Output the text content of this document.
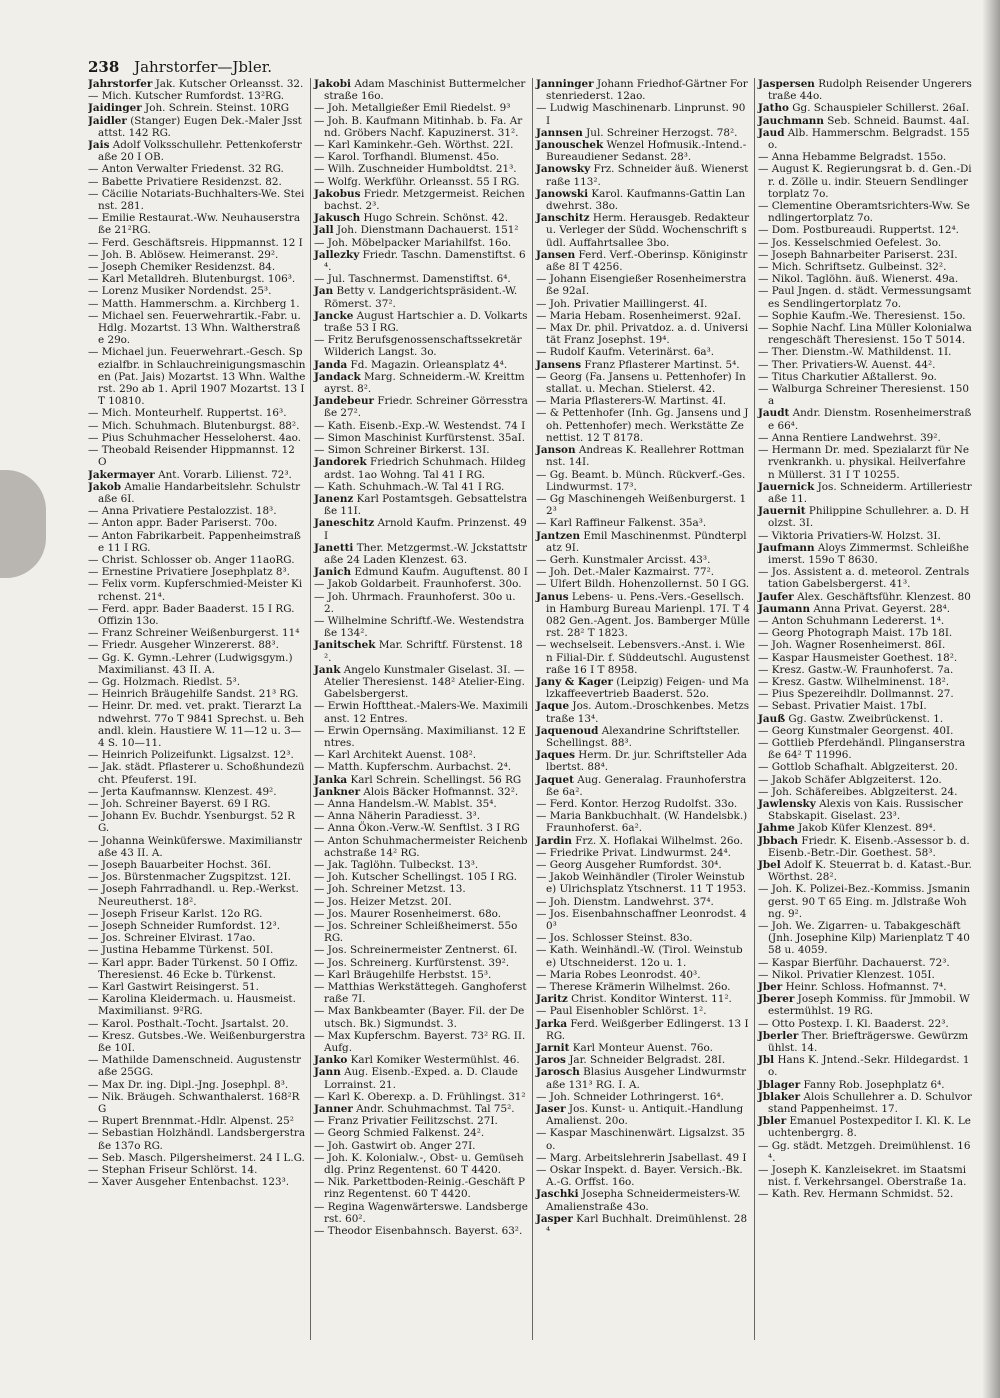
238 Jahrstorfer—Jbler.

Jahrstorfer Jak. Kutscher Orleansst. 32.

— Mich. Kutscher Rumfordst. 13²RG.

Jaidinger Joh. Schrein. Steinst. 10RG

Jaidler (Stanger) Eugen Dek.-Maler Jsstattst. 142 RG.

Jais Adolf Volksschullehr. Pettenkoferstraße 20 I OB.

— Anton Verwalter Friedenst. 32 RG.

— Babette Privatiere Residenzst. 82.

— Cäcilie Notariats-Buchhalters-We. Steinst. 281.

— Emilie Restaurat.-Ww. Neuhauserstraße 21²RG.

— Ferd. Geschäftsreis. Hippmannst. 12 I

— Joh. B. Ablösew. Heimeranst. 29².

— Joseph Chemiker Residenzst. 84.

— Karl Metalldreh. Blutenburgst. 106³.

— Lorenz Musiker Nordendst. 25³.

— Matth. Hammerschm. a. Kirchberg 1.

— Michael sen. Feuerwehrartik.-Fabr. u. Hdlg. Mozartst. 13 Whn. Waltherstraße 29o.

— Michael jun. Feuerwehrart.-Gesch. Spezialfbr. in Schlauchreinigungsmaschinen (Pat. Jais) Mozartst. 13 Whn. Waltherst. 29o ab 1. April 1907 Mozartst. 13 I T 10810.

— Mich. Monteurhelf. Ruppertst. 16³.

— Mich. Schuhmach. Blutenburgst. 88².

— Pius Schuhmacher Hesseloherst. 4ao.

— Theobald Reisender Hippmannst. 12 O

Jakermayer Ant. Vorarb. Lilienst. 72³.

Jakob Amalie Handarbeitslehr. Schulstraße 6I.

— Anna Privatiere Pestalozzist. 18³.

— Anton appr. Bader Pariserst. 70o.

— Anton Fabrikarbeit. Pappenheimstraße 11 I RG.

— Christ. Schlosser ob. Anger 11aoRG.

— Ernestine Privatiere Josephplatz 8³.

— Felix vorm. Kupferschmied-Meister Kirchenst. 21⁴.

— Ferd. appr. Bader Baaderst. 15 I RG. Offizin 13o.

— Franz Schreiner Weißenburgerst. 11⁴

— Friedr. Ausgeher Winzererst. 88³.

— Gg. K. Gymn.-Lehrer (Ludwigsgym.) Maximilianst. 43 II. A.

— Gg. Holzmach. Riedlst. 5³.

— Heinrich Bräugehilfe Sandst. 21³ RG.

— Heinr. Dr. med. vet. prakt. Tierarzt Landwehrst. 77o T 9841 Sprechst. u. Behandl. klein. Haustiere W. 11—12 u. 3—4 S. 10—11.

— Heinrich Polizeifunkt. Ligsalzst. 12³.

— Jak. städt. Pflasterer u. Schoßhundezücht. Pfeuferst. 19I.

— Jerta Kaufmannsw. Klenzest. 49².

— Joh. Schreiner Bayerst. 69 I RG.

— Johann Ev. Buchdr. Ysenburgst. 52 RG.

— Johanna Weinküferswe. Maximilianstraße 43 II. A.

— Joseph Bauarbeiter Hochst. 36I.

— Jos. Bürstenmacher Zugspitzst. 12I.

— Joseph Fahrradhandl. u. Rep.-Werkst. Neureutherst. 18².

— Joseph Friseur Karlst. 12o RG.

— Joseph Schneider Rumfordst. 12³.

— Jos. Schreiner Elvirast. 17ao.

— Justina Hebamme Türkenst. 50I.

— Karl appr. Bader Türkenst. 50 I Offiz. Theresienst. 46 Ecke b. Türkenst.

— Karl Gastwirt Reisingerst. 51.

— Karolina Kleidermach. u. Hausmeist. Maximilianst. 9²RG.

— Karol. Posthalt.-Tocht. Jsartalst. 20.

— Kresz. Gutsbes.-We. Weißenburgerstraße 10I.

— Mathilde Damenschneid. Augustenstraße 25GG.

— Max Dr. ing. Dipl.-Jng. Josephpl. 8³.

— Nik. Bräugeh. Schwanthalerst. 168²RG

— Rupert Brennmat.-Hdlr. Alpenst. 25²

— Sebastian Holzhändl. Landsbergerstraße 137o RG.

— Seb. Masch. Pilgersheimerst. 24 I L.G.

— Stephan Friseur Schlörst. 14.

— Xaver Ausgeher Entenbachst. 123³.

Jakobi Adam Maschinist Buttermelcherstraße 16o.

— Joh. Metallgießer Emil Riedelst. 9³

— Joh. B. Kaufmann Mitinhab. b. Fa. Arnd. Gröbers Nachf. Kapuzinerst. 31².

— Karl Kaminkehr.-Geh. Wörthst. 22I.

— Karol. Torfhandl. Blumenst. 45o.

— Wilh. Zuschneider Humboldtst. 21³.

— Wolfg. Werkführ. Orleansst. 55 I RG.

Jakobus Friedr. Metzgermeist. Reichenbachst. 2³.

Jakusch Hugo Schrein. Schönst. 42.

Jall Joh. Dienstmann Dachauerst. 151²

— Joh. Möbelpacker Mariahilfst. 16o.

Jallezky Friedr. Taschn. Damenstiftst. 6⁴.

— Jul. Taschnermst. Damenstiftst. 6⁴.

Jan Betty v. Landgerichtspräsident.-W. Römerst. 37².

Jancke August Hartschier a. D. Volkartstraße 53 I RG.

— Fritz Berufsgenossenschaftssekretär Wilderich Langst. 3o.

Janda Fd. Magazin. Orleansplatz 4⁴.

Jandack Marg. Schneiderm.-W. Kreittmayrst. 8².

Jandebeur Friedr. Schreiner Görresstraße 27².

— Kath. Eisenb.-Exp.-W. Westendst. 74 I

— Simon Maschinist Kurfürstenst. 35aI.

— Simon Schreiner Birkerst. 13I.

Jandorek Friedrich Schuhmach. Hildegardst. 1ao Wohng. Tal 41 I RG.

— Kath. Schuhmach.-W. Tal 41 I RG.

Janenz Karl Postamtsgeh. Gebsattelstraße 11I.

Janeschitz Arnold Kaufm. Prinzenst. 49 I

Janetti Ther. Metzgermst.-W. Jckstattstraße 24 Laden Klenzest. 63.

Janich Edmund Kaufm. Auguftenst. 80 I

— Jakob Goldarbeit. Fraunhoferst. 30o.

— Joh. Uhrmach. Fraunhoferst. 30o u. 2.

— Wilhelmine Schriftf.-We. Westendstraße 134².

Janitschek Mar. Schriftf. Fürstenst. 18².

Jank Angelo Kunstmaler Giselast. 3I. — Atelier Theresienst. 148² Atelier-Eing. Gabelsbergerst.

— Erwin Hofttheat.-Malers-We. Maximilianst. 12 Entres.

— Erwin Opernsäng. Maximilianst. 12 Entres.

— Karl Architekt Auenst. 108².

— Matth. Kupferschm. Aurbachst. 2⁴.

Janka Karl Schrein. Schellingst. 56 RG

Jankner Alois Bäcker Hofmannst. 32².

— Anna Handelsm.-W. Mablst. 35⁴.

— Anna Näherin Paradiesst. 3³.

— Anna Ökon.-Verw.-W. Senftlst. 3 I RG

— Anton Schuhmachermeister Reichenbachstraße 14² RG.

— Jak. Taglöhn. Tulbeckst. 13³.

— Joh. Kutscher Schellingst. 105 I RG.

— Joh. Schreiner Metzst. 13.

— Jos. Heizer Metzst. 20I.

— Jos. Maurer Rosenheimerst. 68o.

— Jos. Schreiner Schleißheimerst. 55o RG.

— Jos. Schreinermeister Zentnerst. 6I.

— Jos. Schreinerg. Kurfürstenst. 39².

— Karl Bräugehilfe Herbstst. 15³.

— Matthias Werkstättegeh. Ganghoferstraße 7I.

— Max Bankbeamter (Bayer. Fil. der Deutsch. Bk.) Sigmundst. 3.

— Max Kupferschm. Bayerst. 73² RG. II. Aufg.

Janko Karl Komiker Westermühlst. 46.

Jann Aug. Eisenb.-Exped. a. D. Claude Lorrainst. 21.

— Karl K. Oberexp. a. D. Frühlingst. 31²

Janner Andr. Schuhmachmst. Tal 75².

— Franz Privatier Feilitzschst. 27I.

— Georg Schmied Falkenst. 24².

— Joh. Gastwirt ob. Anger 27I.

— Joh. K. Kolonialw.-, Obst- u. Gemüsehdlg. Prinz Regentenst. 60 T 4420.

— Nik. Parkettboden-Reinig.-Geschäft Prinz Regentenst. 60 T 4420.

— Regina Wagenwärterswe. Landsbergerst. 60².

— Theodor Eisenbahnsch. Bayerst. 63².

Janninger Johann Friedhof-Gärtner Forstenriederst. 12ao.

— Ludwig Maschinenarb. Linprunst. 90 I

Jannsen Jul. Schreiner Herzogst. 78².

Janouschek Wenzel Hofmusik.-Intend.-Bureaudiener Sedanst. 28³.

Janowsky Frz. Schneider äuß. Wienerstraße 113².

Janowski Karol. Kaufmanns-Gattin Landwehrst. 38o.

Janschitz Herm. Herausgeb. Redakteur u. Verleger der Südd. Wochenschrift südl. Auffahrtsallee 3bo.

Jansen Ferd. Verf.-Oberinsp. Königinstraße 8I T 4256.

— Johann Eisengießer Rosenheimerstraße 92aI.

— Joh. Privatier Maillingerst. 4I.

— Maria Hebam. Rosenheimerst. 92aI.

— Max Dr. phil. Privatdoz. a. d. Universität Franz Josephst. 19⁴.

— Rudolf Kaufm. Veterinärst. 6a³.

Jansens Franz Pflasterer Martinst. 5⁴.

— Georg (Fa. Jansens u. Pettenhofer) Installat. u. Mechan. Stielerst. 42.

— Maria Pflasterers-W. Martinst. 4I.

— & Pettenhofer (Inh. Gg. Jansens und Joh. Pettenhofer) mech. Werkstätte Zenettist. 12 T 8178.

Janson Andreas K. Reallehrer Rottmannst. 14I.

— Gg. Beamt. b. Münch. Rückverf.-Ges. Lindwurmst. 17³.

— Gg Maschinengeh Weißenburgerst. 12³

— Karl Raffineur Falkenst. 35a³.

Jantzen Emil Maschinenmst. Pündterplatz 9I.

— Gerh. Kunstmaler Arcisst. 43³.

— Joh. Det.-Maler Kazmairst. 77².

— Ulfert Bildh. Hohenzollernst. 50 I GG.

Janus Lebens- u. Pens.-Vers.-Gesellsch. in Hamburg Bureau Marienpl. 17I. T 4082 Gen.-Agent. Jos. Bamberger Müllerst. 28² T 1823.

— wechselseit. Lebensvers.-Anst. i. Wien Filial-Dir. f. Süddeutschl. Augustenstraße 16 I T 8958.

Jany & Kager (Leipzig) Feigen- und Malzkaffeevertrieb Baaderst. 52o.

Jaque Jos. Autom.-Droschkenbes. Metzstraße 13⁴.

Jaquenoud Alexandrine Schriftsteller. Schellingst. 88³.

Jaques Herm. Dr. jur. Schriftsteller Adalbertst. 88⁴.

Jaquet Aug. Generalag. Fraunhoferstraße 6a².

— Ferd. Kontor. Herzog Rudolfst. 33o.

— Maria Bankbuchhalt. (W. Handelsbk.) Fraunhoferst. 6a².

Jardin Frz. X. Hoflakai Wilhelmst. 26o.

— Friedrike Privat. Lindwurmst. 24⁴.

— Georg Ausgeher Rumfordst. 30⁴.

— Jakob Weinhändler (Tiroler Weinstube) Ulrichsplatz Ytschnerst. 11 T 1953.

— Joh. Dienstm. Landwehrst. 37⁴.

— Jos. Eisenbahnschaffner Leonrodst. 40³

— Jos. Schlosser Steinst. 83o.

— Kath. Weinhändl.-W. (Tirol. Weinstube) Utschneiderst. 12o u. 1.

— Maria Robes Leonrodst. 40³.

— Therese Krämerin Wilhelmst. 26o.

Jaritz Christ. Konditor Winterst. 11².

— Paul Eisenhobler Schlörst. 1².

Jarka Ferd. Weißgerber Edlingerst. 13 I RG.

Jarnit Karl Monteur Auenst. 76o.

Jaros Jar. Schneider Belgradst. 28I.

Jarosch Blasius Ausgeher Lindwurmstraße 131³ RG. I. A.

— Joh. Schneider Lothringerst. 16⁴.

Jaser Jos. Kunst- u. Antiquit.-Handlung Amalienst. 20o.

— Kaspar Maschinenwärt. Ligsalzst. 35o.

— Marg. Arbeitslehrerin Jsabellast. 49 I

— Oskar Inspekt. d. Bayer. Versich.-Bk. A.-G. Orffst. 16o.

Jaschki Josepha Schneidermeisters-W. Amalienstraße 43o.

Jasper Karl Buchhalt. Dreimühlenst. 28⁴

Jaspersen Rudolph Reisender Ungererstraße 44o.

Jatho Gg. Schauspieler Schillerst. 26aI.

Jauchmann Seb. Schneid. Baumst. 4aI.

Jaud Alb. Hammerschm. Belgradst. 155o.

— Anna Hebamme Belgradst. 155o.

— August K. Regierungsrat b. d. Gen.-Dir. d. Zölle u. indir. Steuern Sendlingertorplatz 7o.

— Clementine Oberamtsrichters-Ww. Sendlingertorplatz 7o.

— Dom. Postbureaudi. Ruppertst. 12⁴.

— Jos. Kesselschmied Oefelest. 3o.

— Joseph Bahnarbeiter Pariserst. 23I.

— Mich. Schriftsetz. Gulbeinst. 32².

— Nikol. Taglöhn. äuß. Wienerst. 49a.

— Paul Jngen. d. städt. Vermessungsamtes Sendlingertorplatz 7o.

— Sophie Kaufm.-We. Theresienst. 15o.

— Sophie Nachf. Lina Müller Kolonialwarengeschäft Theresienst. 15o T 5014.

— Ther. Dienstm.-W. Mathildenst. 1I.

— Ther. Privatiers-W. Auenst. 44².

— Titus Charkutier Aßtallerst. 9o.

— Walburga Schreiner Theresienst. 150a

Jaudt Andr. Dienstm. Rosenheimerstraße 66⁴.

— Anna Rentiere Landwehrst. 39².

— Hermann Dr. med. Spezialarzt für Nervenkrankh. u. physikal. Heilverfahren Müllerst. 31 I T 10255.

Jauernick Jos. Schneiderm. Artilleriestraße 11.

Jauernit Philippine Schullehrer. a. D. Holzst. 3I.

— Viktoria Privatiers-W. Holzst. 3I.

Jaufmann Aloys Zimmermst. Schleißheimerst. 159o T 8630.

— Jos. Assistent a. d. meteorol. Zentralstation Gabelsbergerst. 41³.

Jaufer Alex. Geschäftsführ. Klenzest. 80

Jaumann Anna Privat. Geyerst. 28⁴.

— Anton Schuhmann Ledererst. 1⁴.

— Georg Photograph Maist. 17b 18I.

— Joh. Wagner Rosenheimerst. 86I.

— Kaspar Hausmeister Goethest. 18².

— Kresz. Gastw.-W. Fraunhoferst. 7a.

— Kresz. Gastw. Wilhelminenst. 18².

— Pius Spezereihdlr. Dollmannst. 27.

— Sebast. Privatier Maist. 17bI.

Jauß Gg. Gastw. Zweibrückenst. 1.

— Georg Kunstmaler Georgenst. 40I.

— Gottlieb Pferdehändl. Plinganserstraße 64² T 11996.

— Gottlob Schafhalt. Ablgzeiterst. 20.

— Jakob Schäfer Ablgzeiterst. 12o.

— Joh. Schäfereibes. Ablgzeiterst. 24.

Jawlensky Alexis von Kais. Russischer Stabskapit. Giselast. 23³.

Jahme Jakob Küfer Klenzest. 89⁴.

Jbbach Friedr. K. Eisenb.-Assessor b. d. Eisenb.-Betr.-Dir. Goethest. 58³.

Jbel Adolf K. Steuerrat b. d. Katast.-Bur. Wörthst. 28².

— Joh. K. Polizei-Bez.-Kommiss. Jsmaningerst. 90 T 65 Eing. m. Jdlstraße Wohng. 9².

— Joh. We. Zigarren- u. Tabakgeschäft (Jnh. Josephine Kilp) Marienplatz T 4058 u. 4059.

— Kaspar Bierführ. Dachauerst. 72³.

— Nikol. Privatier Klenzest. 105I.

Jber Heinr. Schloss. Hofmannst. 7⁴.

Jberer Joseph Kommiss. für Jmmobil. Westermühlst. 19 RG.

— Otto Postexp. I. Kl. Baaderst. 22³.

Jberler Ther. Briefträgerswe. Gewürzmühlst. 14.

Jbl Hans K. Jntend.-Sekr. Hildegardst. 1o.

Jblager Fanny Rob. Josephplatz 6⁴.

Jblaker Alois Schullehrer a. D. Schulvorstand Pappenheimst. 17.

Jbler Emanuel Postexpeditor I. Kl. K. Leuchtenbergrg. 8.

— Gg. städt. Metzgeh. Dreimühlenst. 16⁴.

— Joseph K. Kanzleisekret. im Staatsminist. f. Verkehrsangel. Oberstraße 1a.

— Kath. Rev. Hermann Schmidst. 52.
